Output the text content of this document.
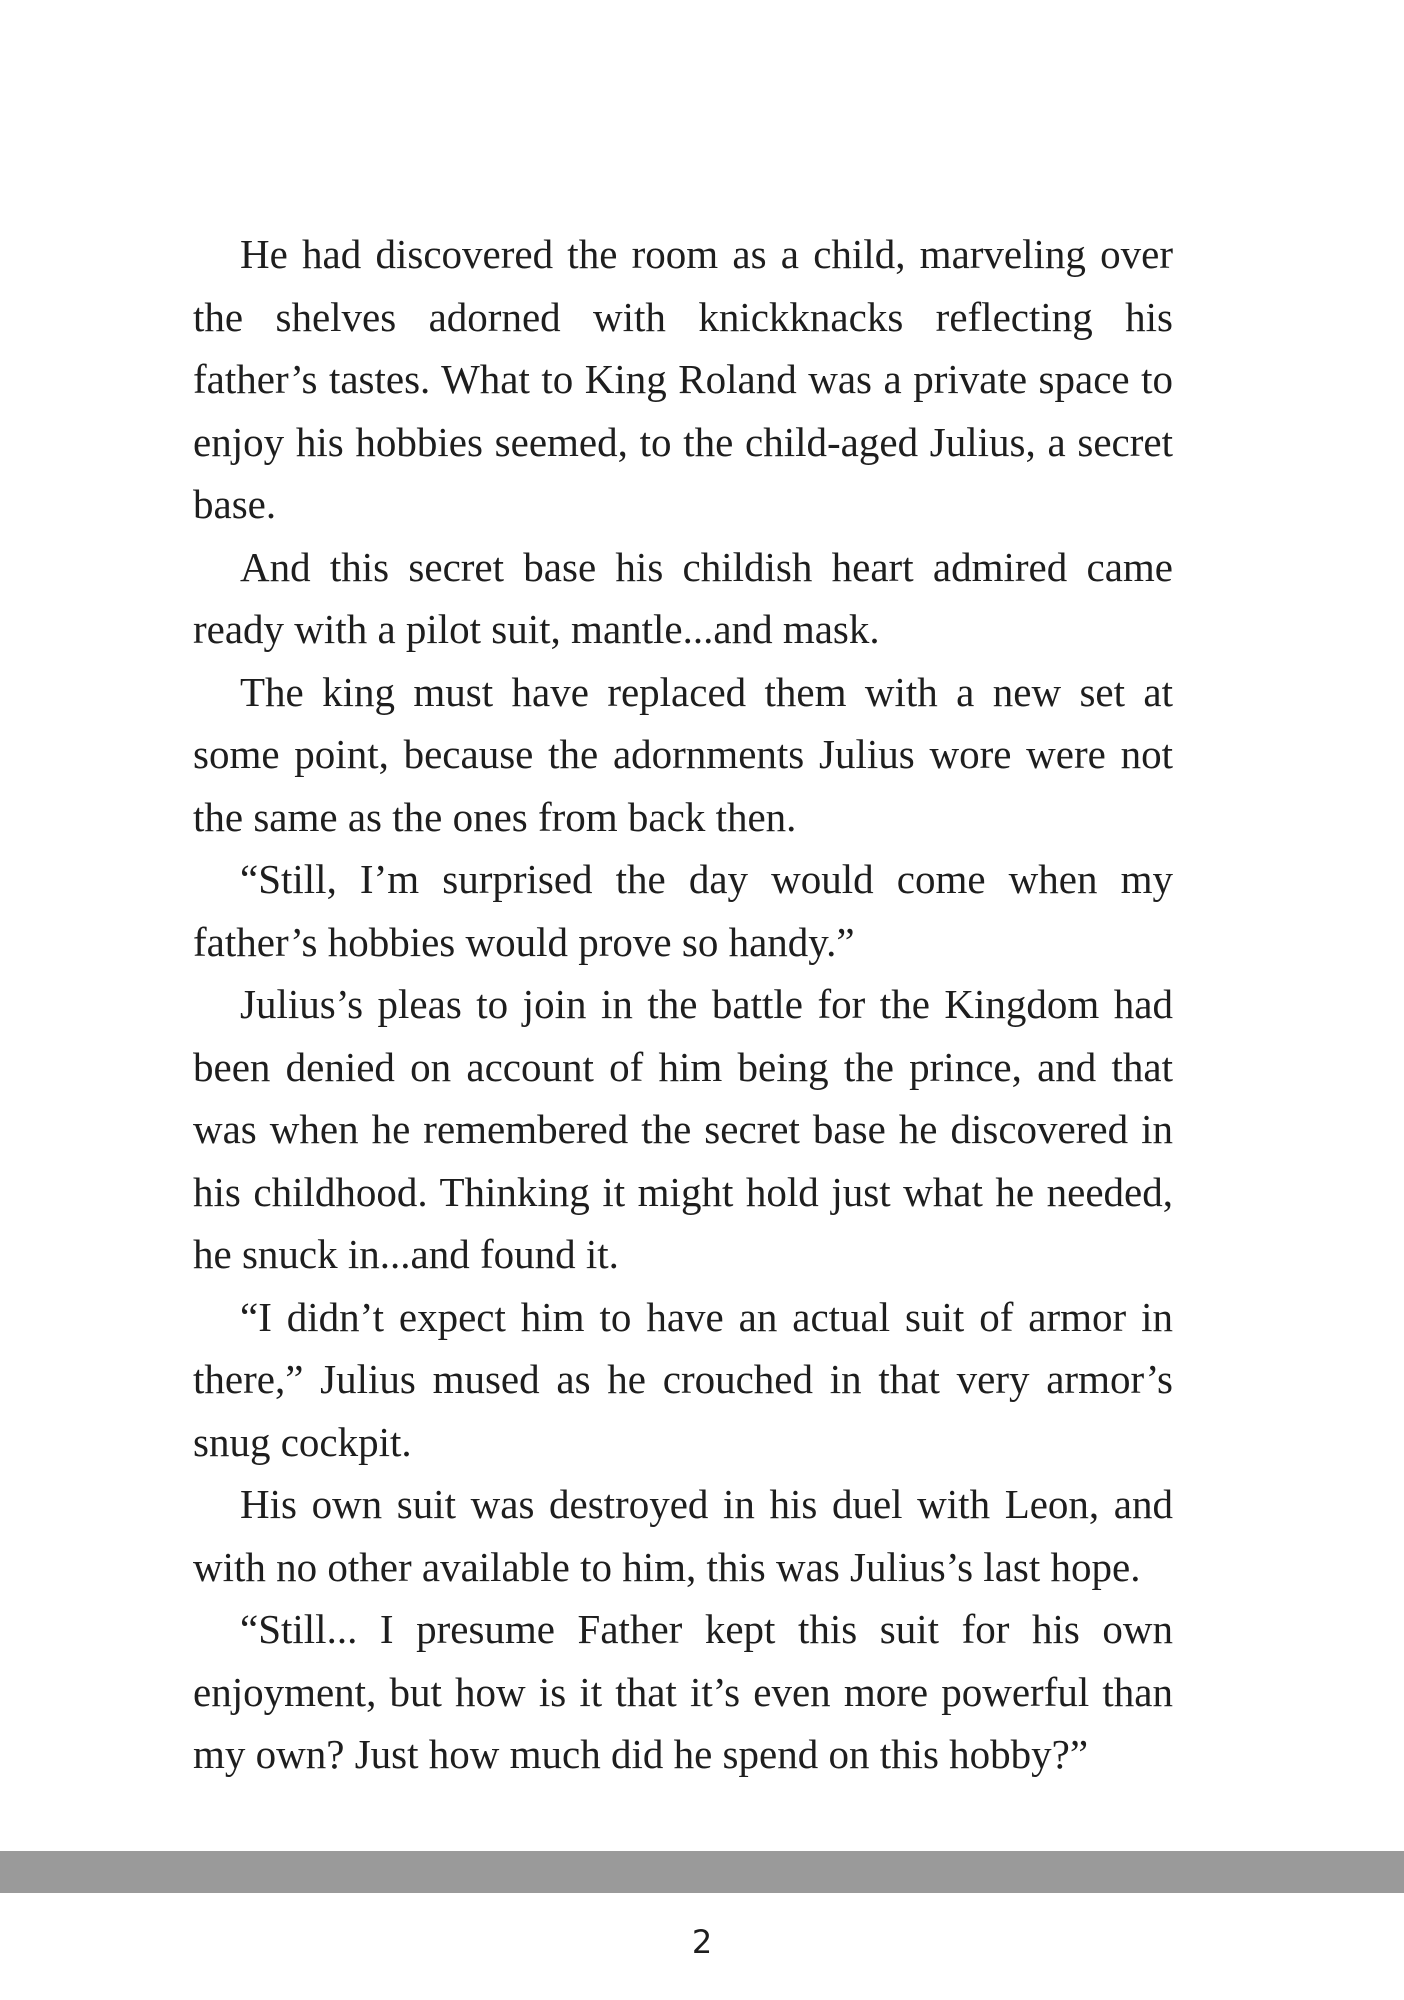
He had discovered the room as a child, marveling over the shelves adorned with knickknacks reflecting his father’s tastes. What to King Roland was a private space to enjoy his hobbies seemed, to the child-aged Julius, a secret base.

And this secret base his childish heart admired came ready with a pilot suit, mantle...and mask.

The king must have replaced them with a new set at some point, because the adornments Julius wore were not the same as the ones from back then.

“Still, I’m surprised the day would come when my father’s hobbies would prove so handy.”

Julius’s pleas to join in the battle for the Kingdom had been denied on account of him being the prince, and that was when he remembered the secret base he discovered in his childhood. Thinking it might hold just what he needed, he snuck in...and found it.

“I didn’t expect him to have an actual suit of armor in there,” Julius mused as he crouched in that very armor’s snug cockpit.

His own suit was destroyed in his duel with Leon, and with no other available to him, this was Julius’s last hope.

“Still... I presume Father kept this suit for his own enjoyment, but how is it that it’s even more powerful than my own? Just how much did he spend on this hobby?”

2
